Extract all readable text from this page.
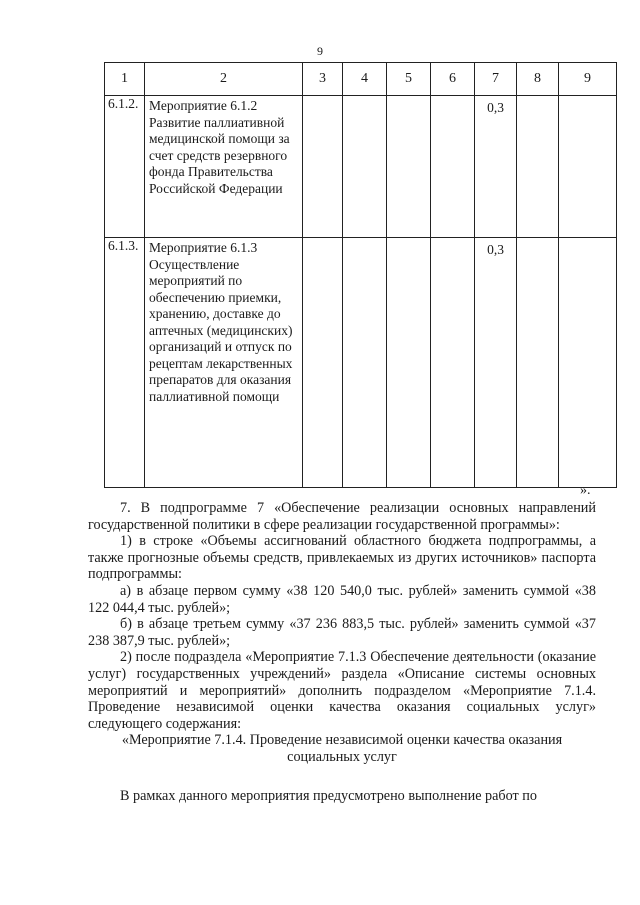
9
1	2	3	4	5	6	7	8	9
6.1.2.	Мероприятие 6.1.2 Развитие паллиативной медицинской помощи за счет средств резервного фонда Правительства Российской Федерации					0,3		
6.1.3.	Мероприятие 6.1.3 Осуществление мероприятий по обеспечению приемки, хранению, доставке до аптечных (медицинских) организаций и отпуск по рецептам лекарственных препаратов для оказания паллиативной помощи					0,3		
».

7. В подпрограмме 7 «Обеспечение реализации основных направлений государственной политики в сфере реализации государственной программы»:

1) в строке «Объемы ассигнований областного бюджета подпрограммы, а также прогнозные объемы средств, привлекаемых из других источников» паспорта подпрограммы:

а) в абзаце первом сумму «38 120 540,0 тыс. рублей» заменить суммой «38 122 044,4 тыс. рублей»;

б) в абзаце третьем сумму «37 236 883,5 тыс. рублей» заменить суммой «37 238 387,9 тыс. рублей»;

2) после подраздела «Мероприятие 7.1.3 Обеспечение деятельности (оказание услуг) государственных учреждений» раздела «Описание системы основных мероприятий и мероприятий» дополнить подразделом «Мероприятие 7.1.4. Проведение независимой оценки качества оказания социальных услуг» следующего содержания:

«Мероприятие 7.1.4. Проведение независимой оценки качества оказания социальных услуг

В рамках данного мероприятия предусмотрено выполнение работ по
